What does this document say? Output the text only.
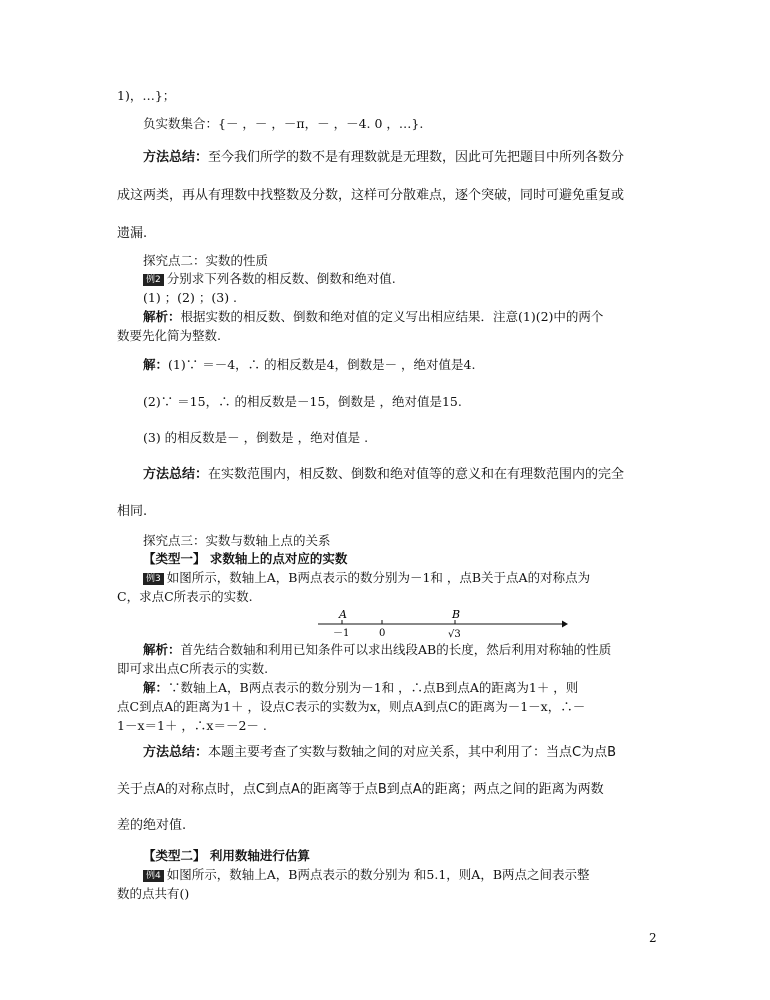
1)，…}；
负实数集合：{－ ，－ ，－π，－ ，－4. 0 ，…}.
方法总结：至今我们所学的数不是有理数就是无理数，因此可先把题目中所列各数分
成这两类，再从有理数中找整数及分数，这样可分散难点，逐个突破，同时可避免重复或
遗漏.
探究点二：实数的性质
例2 分别求下列各数的相反数、倒数和绝对值.
(1) ；(2) ；(3) .
解析：根据实数的相反数、倒数和绝对值的定义写出相应结果．注意(1)(2)中的两个
数要先化简为整数.
解：(1)∵ ＝－4，∴ 的相反数是4，倒数是－ ，绝对值是4.
(2)∵ ＝15，∴ 的相反数是－15，倒数是 ，绝对值是15.
(3) 的相反数是－ ，倒数是 ，绝对值是 .
方法总结：在实数范围内，相反数、倒数和绝对值等的意义和在有理数范围内的完全
相同.
探究点三：实数与数轴上点的关系
【类型一】 求数轴上的点对应的实数
例3 如图所示，数轴上A，B两点表示的数分别为－1和 ，点B关于点A的对称点为
C，求点C所表示的实数.
A	B
－1	0	√3
解析：首先结合数轴和利用已知条件可以求出线段AB的长度，然后利用对称轴的性质
即可求出点C所表示的实数.
解：∵数轴上A，B两点表示的数分别为－1和 ，∴点B到点A的距离为1＋ ，则
点C到点A的距离为1＋ ，设点C表示的实数为x，则点A到点C的距离为－1－x，∴－
1－x＝1＋ ，∴x＝－2－ .
方法总结：本题主要考查了实数与数轴之间的对应关系，其中利用了：当点C为点B
关于点A的对称点时，点C到点A的距离等于点B到点A的距离；两点之间的距离为两数
差的绝对值.
【类型二】 利用数轴进行估算
例4 如图所示，数轴上A，B两点表示的数分别为 和5.1，则A，B两点之间表示整
数的点共有()
2
